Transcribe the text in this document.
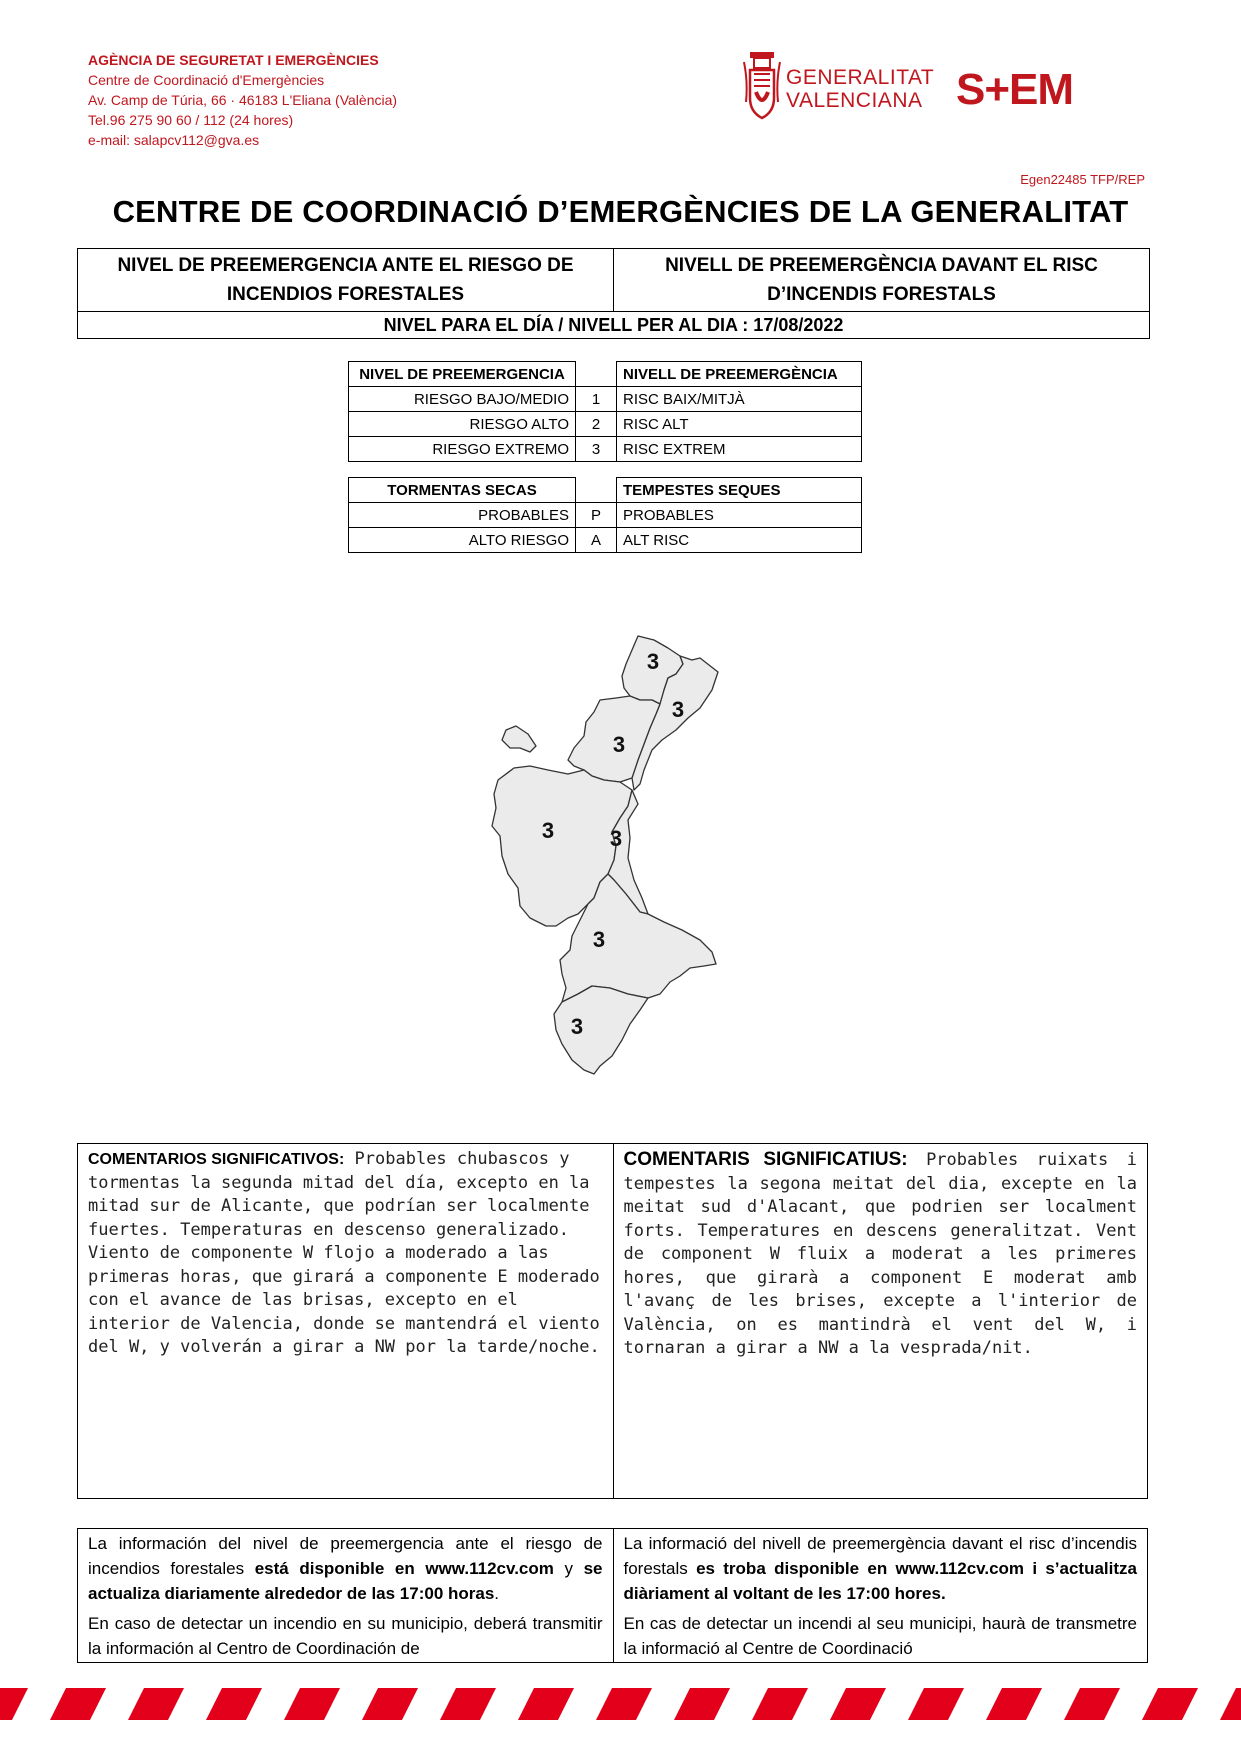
AGÈNCIA DE SEGURETAT I EMERGÈNCIES
Centre de Coordinació d'Emergències
Av. Camp de Túria, 66 · 46183 L'Eliana (València)
Tel.96 275 90 60 / 112 (24 hores)
e-mail: salapcv112@gva.es
GENERALITAT
VALENCIANA S+EM
Egen22485 TFP/REP
CENTRE DE COORDINACIÓ D’EMERGÈNCIES DE LA GENERALITAT
NIVEL DE PREEMERGENCIA ANTE EL RIESGO DE INCENDIOS FORESTALES
NIVELL DE PREEMERGÈNCIA DAVANT EL RISC D’INCENDIS FORESTALS
NIVEL PARA EL DÍA / NIVELL PER AL DIA : 17/08/2022
NIVEL DE PREEMERGENCIA		NIVELL DE PREEMERGÈNCIA
RIESGO BAJO/MEDIO	1	RISC BAIX/MITJÀ
RIESGO ALTO	2	RISC ALT
RIESGO EXTREMO	3	RISC EXTREM
TORMENTAS SECAS		TEMPESTES SEQUES
PROBABLES	P	PROBABLES
ALTO RIESGO	A	ALT RISC
3
3
3
3	3
3
3
COMENTARIOS SIGNIFICATIVOS: Probables chubascos y tormentas la segunda mitad del día, excepto en la mitad sur de Alicante, que podrían ser localmente fuertes. Temperaturas en descenso generalizado. Viento de componente W flojo a moderado a las primeras horas, que girará a componente E moderado con el avance de las brisas, excepto en el interior de Valencia, donde se mantendrá el viento del W, y volverán a girar a NW por la tarde/noche.
COMENTARIS SIGNIFICATIUS: Probables ruixats i tempestes la segona meitat del dia, excepte en la meitat sud d'Alacant, que podrien ser localment forts. Temperatures en descens generalitzat. Vent de component W fluix a moderat a les primeres hores, que girarà a component E moderat amb l'avanç de les brises, excepte a l'interior de València, on es mantindrà el vent del W, i tornaran a girar a NW a la vesprada/nit.

La información del nivel de preemergencia ante el riesgo de incendios forestales está disponible en www.112cv.com y se actualiza diariamente alrededor de las 17:00 horas.

En caso de detectar un incendio en su municipio, deberá transmitir la información al Centro de Coordinación de

La informació del nivell de preemergència davant el risc d’incendis forestals es troba disponible en www.112cv.com i s’actualitza diàriament al voltant de les 17:00 hores.

En cas de detectar un incendi al seu municipi, haurà de transmetre la informació al Centre de Coordinació
